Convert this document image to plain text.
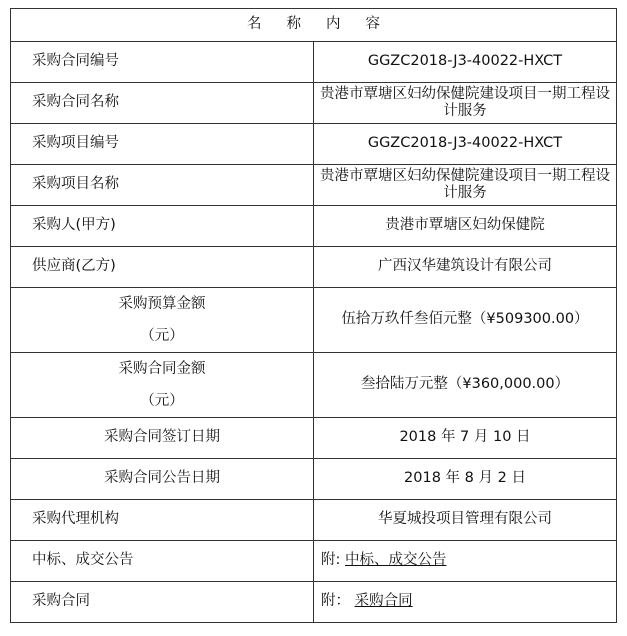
名称内容	
采购合同编号	GGZC2018-J3-40022-HXCT
采购合同名称	贵港市覃塘区妇幼保健院建设项目一期工程设计服务
采购项目编号	GGZC2018-J3-40022-HXCT
采购项目名称	贵港市覃塘区妇幼保健院建设项目一期工程设计服务
采购人(甲方)	贵港市覃塘区妇幼保健院
供应商(乙方)	广西汉华建筑设计有限公司

采购预算金额
（元）	伍拾万玖仟叁佰元整（¥509300.00）

采购合同金额
（元）	叁拾陆万元整（¥360,000.00）
采购合同签订日期	2018 年 7 月 10 日
采购合同公告日期	2018 年 8 月 2 日
采购代理机构	华夏城投项目管理有限公司
中标、成交公告	附: 中标、成交公告
采购合同	附： 采购合同
